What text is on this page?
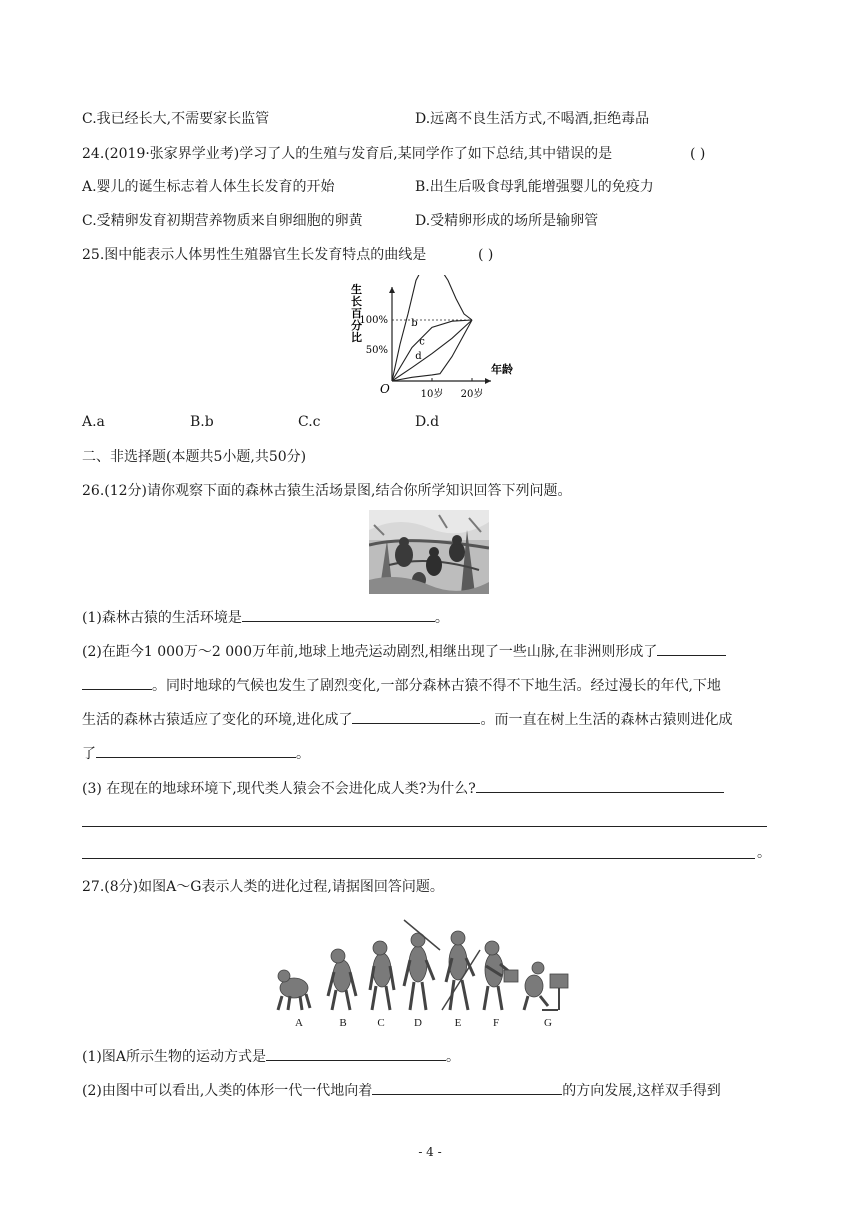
C.我已经长大,不需要家长监管	D.远离不良生活方式,不喝酒,拒绝毒品
24.(2019·张家界学业考)学习了人的生殖与发育后,某同学作了如下总结,其中错误的是	( )
A.婴儿的诞生标志着人体生长发育的开始	B.出生后吸食母乳能增强婴儿的免疫力
C.受精卵发育初期营养物质来自卵细胞的卵黄	D.受精卵形成的场所是输卵管
25.图中能表示人体男性生殖器官生长发育特点的曲线是	( )
生长百分比
年龄
O
100%
50%
10岁 20岁
b
c
d
A.a	B.b	C.c	D.d
二、非选择题(本题共5小题,共50分)
26.(12分)请你观察下面的森林古猿生活场景图,结合你所学知识回答下列问题。
(1)森林古猿的生活环境是	。
(2)在距今1 000万～2 000万年前,地球上地壳运动剧烈,相继出现了一些山脉,在非洲则形成了
。同时地球的气候也发生了剧烈变化,一部分森林古猿不得不下地生活。经过漫长的年代,下地
生活的森林古猿适应了变化的环境,进化成了	。而一直在树上生活的森林古猿则进化成
了	。
(3) 在现在的地球环境下,现代类人猿会不会进化成人类?为什么?
。
27.(8分)如图A～G表示人类的进化过程,请据图回答问题。
A	B	C	D	E	F	G
(1)图A所示生物的运动方式是	。
(2)由图中可以看出,人类的体形一代一代地向着	的方向发展,这样双手得到
- 4 -
